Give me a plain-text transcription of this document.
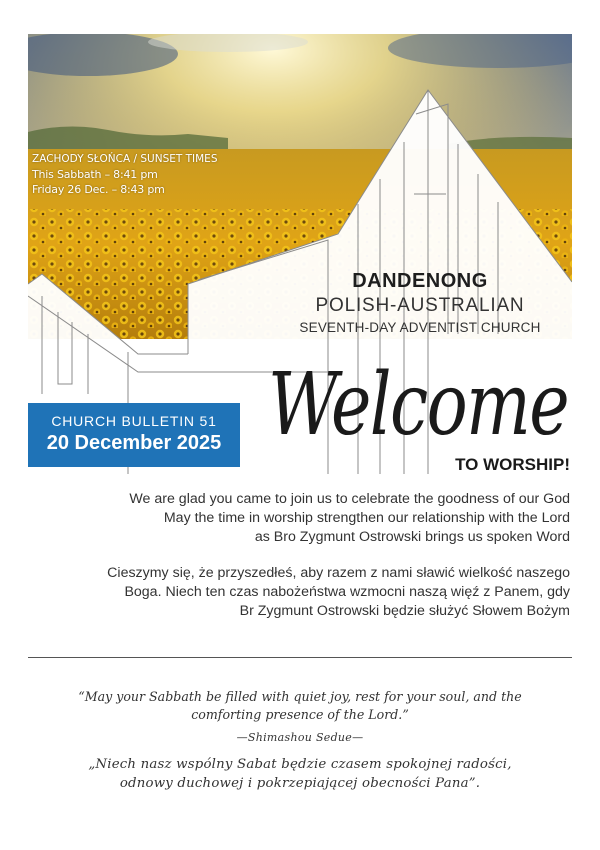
ZACHODY SŁOŃCA / SUNSET TIMES
This Sabbath – 8:41 pm
Friday 26 Dec. – 8:43 pm
DANDENONG
POLISH-AUSTRALIAN
SEVENTH-DAY ADVENTIST CHURCH
CHURCH BULLETIN 51
20 December 2025 Welcome
TO WORSHIP!
We are glad you came to join us to celebrate the goodness of our God
May the time in worship strengthen our relationship with the Lord
as Bro Zygmunt Ostrowski brings us spoken Word
Cieszymy się, że przyszedłeś, aby razem z nami sławić wielkość naszego
Boga. Niech ten czas nabożeństwa wzmocni naszą więź z Panem, gdy
Br Zygmunt Ostrowski będzie służyć Słowem Bożym
“May your Sabbath be filled with quiet joy, rest for your soul, and the
comforting presence of the Lord.”
—Shimashou Sedue—
„Niech nasz wspólny Sabat będzie czasem spokojnej radości,
odnowy duchowej i pokrzepiającej obecności Pana”.
